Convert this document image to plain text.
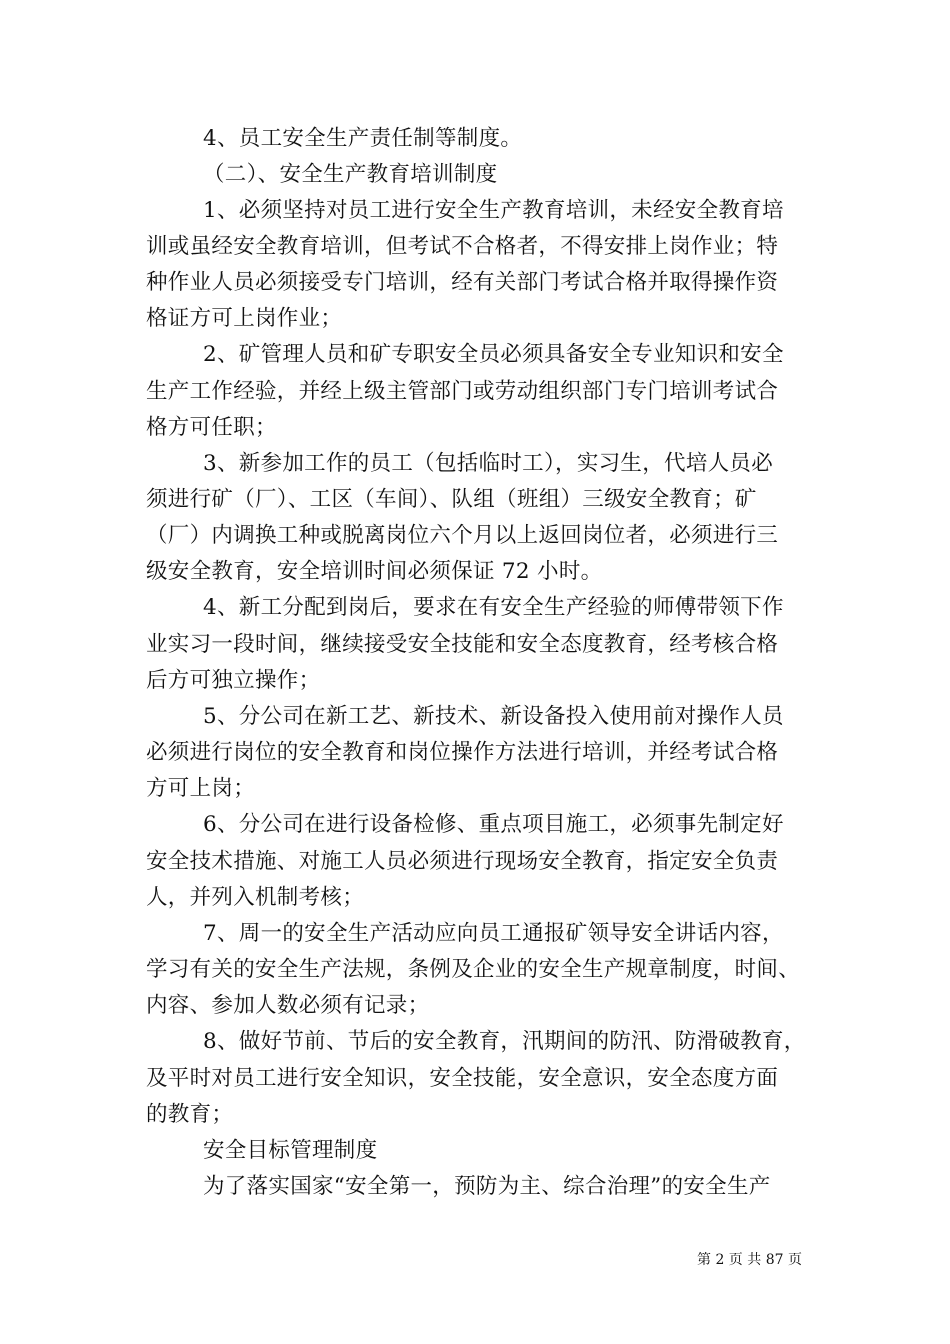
4、员工安全生产责任制等制度。
（二）、安全生产教育培训制度
1、必须坚持对员工进行安全生产教育培训，未经安全教育培
训或虽经安全教育培训，但考试不合格者，不得安排上岗作业；特
种作业人员必须接受专门培训，经有关部门考试合格并取得操作资
格证方可上岗作业；
2、矿管理人员和矿专职安全员必须具备安全专业知识和安全
生产工作经验，并经上级主管部门或劳动组织部门专门培训考试合
格方可任职；
3、新参加工作的员工（包括临时工），实习生，代培人员必
须进行矿（厂）、工区（车间）、队组（班组）三级安全教育；矿
（厂）内调换工种或脱离岗位六个月以上返回岗位者，必须进行三
级安全教育，安全培训时间必须保证 72 小时。
4、新工分配到岗后，要求在有安全生产经验的师傅带领下作
业实习一段时间，继续接受安全技能和安全态度教育，经考核合格
后方可独立操作；
5、分公司在新工艺、新技术、新设备投入使用前对操作人员
必须进行岗位的安全教育和岗位操作方法进行培训，并经考试合格
方可上岗；
6、分公司在进行设备检修、重点项目施工，必须事先制定好
安全技术措施、对施工人员必须进行现场安全教育，指定安全负责
人，并列入机制考核；
7、周一的安全生产活动应向员工通报矿领导安全讲话内容，
学习有关的安全生产法规，条例及企业的安全生产规章制度，时间、
内容、参加人数必须有记录；
8、做好节前、节后的安全教育，汛期间的防汛、防滑破教育，
及平时对员工进行安全知识，安全技能，安全意识，安全态度方面
的教育；
安全目标管理制度
为了落实国家“安全第一，预防为主、综合治理”的安全生产
第 2 页 共 87 页
